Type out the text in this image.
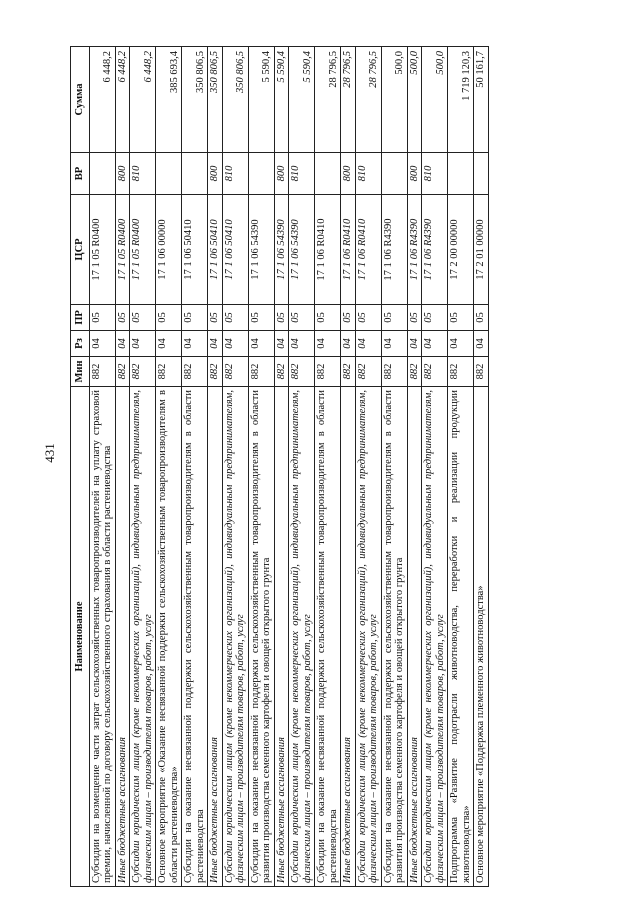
431
Наименование	Мин	Рз	ПР	ЦСР	ВР	Сумма
Субсидии на возмещение части затрат сельскохозяйственных товаропроизводителей на уплату страховой премии, начисленной по договору сельскохозяйственного страхования в области растениеводства	882	04	05	17 1 05 R0400		6 448,2
Иные бюджетные ассигнования	882	04	05	17 1 05 R0400	800	6 448,2
Субсидии юридическим лицам (кроме некоммерческих организаций), индивидуальным предпринимателям, физическим лицам – производителям товаров, работ, услуг	882	04	05	17 1 05 R0400	810	6 448,2
Основное мероприятие «Оказание несвязанной поддержки сельскохозяйственным товаропроизводителям в области растениеводства»	882	04	05	17 1 06 00000		385 693,4
Субсидии на оказание несвязанной поддержки сельскохозяйственным товаропроизводителям в области растениеводства	882	04	05	17 1 06 50410		350 806,5
Иные бюджетные ассигнования	882	04	05	17 1 06 50410	800	350 806,5
Субсидии юридическим лицам (кроме некоммерческих организаций), индивидуальным предпринимателям, физическим лицам – производителям товаров, работ, услуг	882	04	05	17 1 06 50410	810	350 806,5
Субсидии на оказание несвязанной поддержки сельскохозяйственным товаропроизводителям в области развития производства семенного картофеля и овощей открытого грунта	882	04	05	17 1 06 54390		5 590,4
Иные бюджетные ассигнования	882	04	05	17 1 06 54390	800	5 590,4
Субсидии юридическим лицам (кроме некоммерческих организаций), индивидуальным предпринимателям, физическим лицам – производителям товаров, работ, услуг	882	04	05	17 1 06 54390	810	5 590,4
Субсидии на оказание несвязанной поддержки сельскохозяйственным товаропроизводителям в области растениеводства	882	04	05	17 1 06 R0410		28 796,5
Иные бюджетные ассигнования	882	04	05	17 1 06 R0410	800	28 796,5
Субсидии юридическим лицам (кроме некоммерческих организаций), индивидуальным предпринимателям, физическим лицам – производителям товаров, работ, услуг	882	04	05	17 1 06 R0410	810	28 796,5
Субсидии на оказание несвязанной поддержки сельскохозяйственным товаропроизводителям в области развития производства семенного картофеля и овощей открытого грунта	882	04	05	17 1 06 R4390		500,0
Иные бюджетные ассигнования	882	04	05	17 1 06 R4390	800	500,0
Субсидии юридическим лицам (кроме некоммерческих организаций), индивидуальным предпринимателям, физическим лицам – производителям товаров, работ, услуг	882	04	05	17 1 06 R4390	810	500,0
Подпрограмма «Развитие подотрасли животноводства, переработки и реализации продукции животноводства»	882	04	05	17 2 00 00000		1 719 120,3
Основное мероприятие «Поддержка племенного животноводства»	882	04	05	17 2 01 00000		50 161,7
